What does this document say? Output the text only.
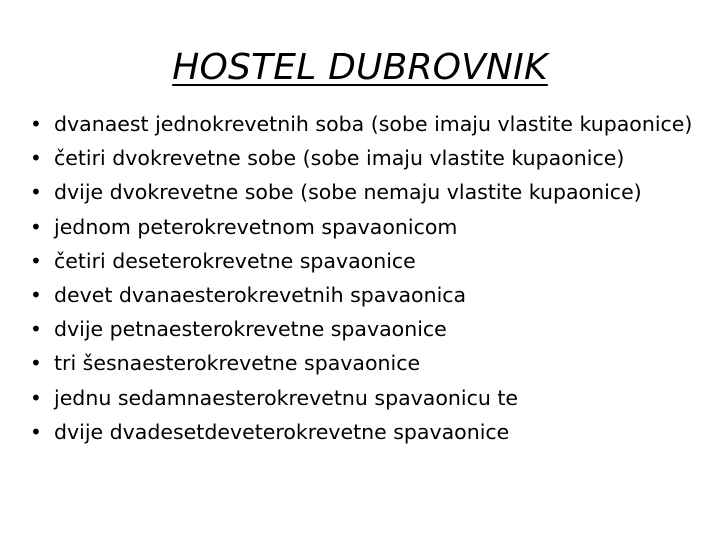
HOSTEL DUBROVNIK
• dvanaest jednokrevetnih soba (sobe imaju vlastite kupaonice)
• četiri dvokrevetne sobe (sobe imaju vlastite kupaonice)
• dvije dvokrevetne sobe (sobe nemaju vlastite kupaonice)
• jednom peterokrevetnom spavaonicom
• četiri deseterokrevetne spavaonice
• devet dvanaesterokrevetnih spavaonica
• dvije petnaesterokrevetne spavaonice
• tri šesnaesterokrevetne spavaonice
• jednu sedamnaesterokrevetnu spavaonicu te
• dvije dvadesetdeveterokrevetne spavaonice
